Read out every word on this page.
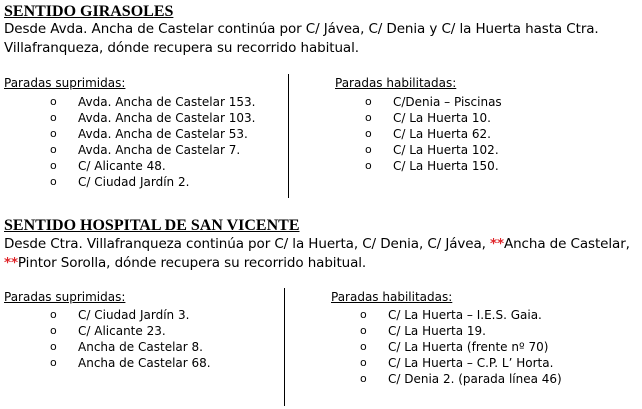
SENTIDO GIRASOLES
Desde Avda. Ancha de Castelar continúa por C/ Jávea, C/ Denia y C/ la Huerta hasta Ctra.
Villafranqueza, dónde recupera su recorrido habitual.
Paradas suprimidas:
o	Avda. Ancha de Castelar 153.
o	Avda. Ancha de Castelar 103.
o	Avda. Ancha de Castelar 53.
o	Avda. Ancha de Castelar 7.
o	C/ Alicante 48.
o	C/ Ciudad Jardín 2.
Paradas habilitadas:
o	C/Denia – Piscinas
o	C/ La Huerta 10.
o	C/ La Huerta 62.
o	C/ La Huerta 102.
o	C/ La Huerta 150.
SENTIDO HOSPITAL DE SAN VICENTE
Desde Ctra. Villafranqueza continúa por C/ la Huerta, C/ Denia, C/ Jávea, **Ancha de Castelar,
**Pintor Sorolla, dónde recupera su recorrido habitual.
Paradas suprimidas:
o	C/ Ciudad Jardín 3.
o	C/ Alicante 23.
o	Ancha de Castelar 8.
o	Ancha de Castelar 68.
Paradas habilitadas:
o	C/ La Huerta – I.E.S. Gaia.
o	C/ La Huerta 19.
o	C/ La Huerta (frente nº 70)
o	C/ La Huerta – C.P. L’ Horta.
o	C/ Denia 2. (parada línea 46)
